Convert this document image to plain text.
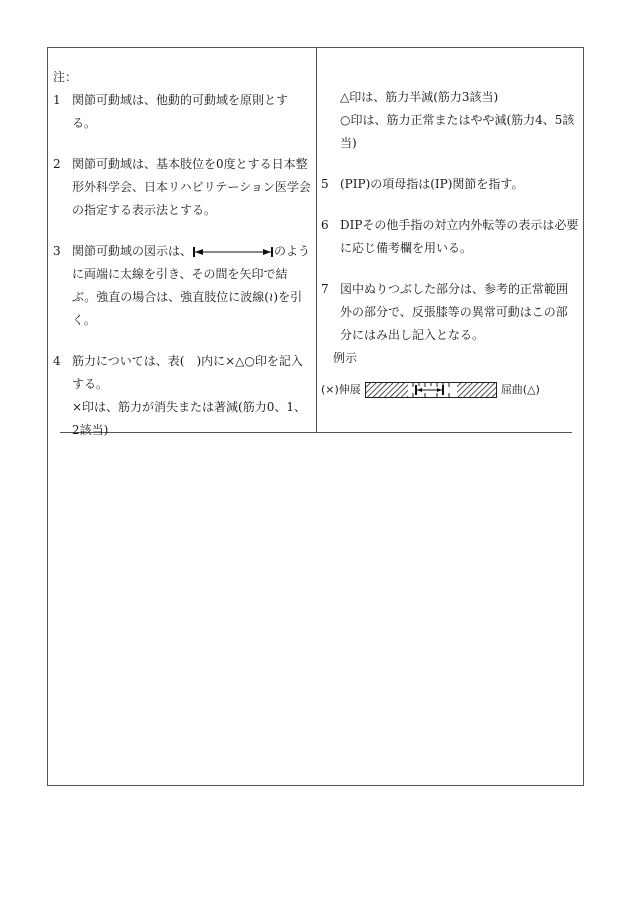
注：
1 関節可動域は、他動的可動域を原則とする。
2 関節可動域は、基本肢位を0度とする日本整形外科学会、日本リハビリテーション医学会の指定する表示法とする。
3 関節可動域の図示は、	のように両端に太線を引き、その間を矢印で結ぶ。強直の場合は、強直肢位に波線(≀)を引く。
4 筋力については、表(　)内に×△○印を記入する。
×印は、筋力が消失または著減(筋力0、1、2該当)
△印は、筋力半減(筋力3該当)
○印は、筋力正常またはやや減(筋力4、5該当)
5 (PIP)の項母指は(IP)関節を指す。
6 DIPその他手指の対立内外転等の表示は必要に応じ備考欄を用いる。
7 図中ぬりつぶした部分は、参考的正常範囲外の部分で、反張膝等の異常可動はこの部分にはみ出し記入となる。
例示
(×)伸展	屈曲(△)
